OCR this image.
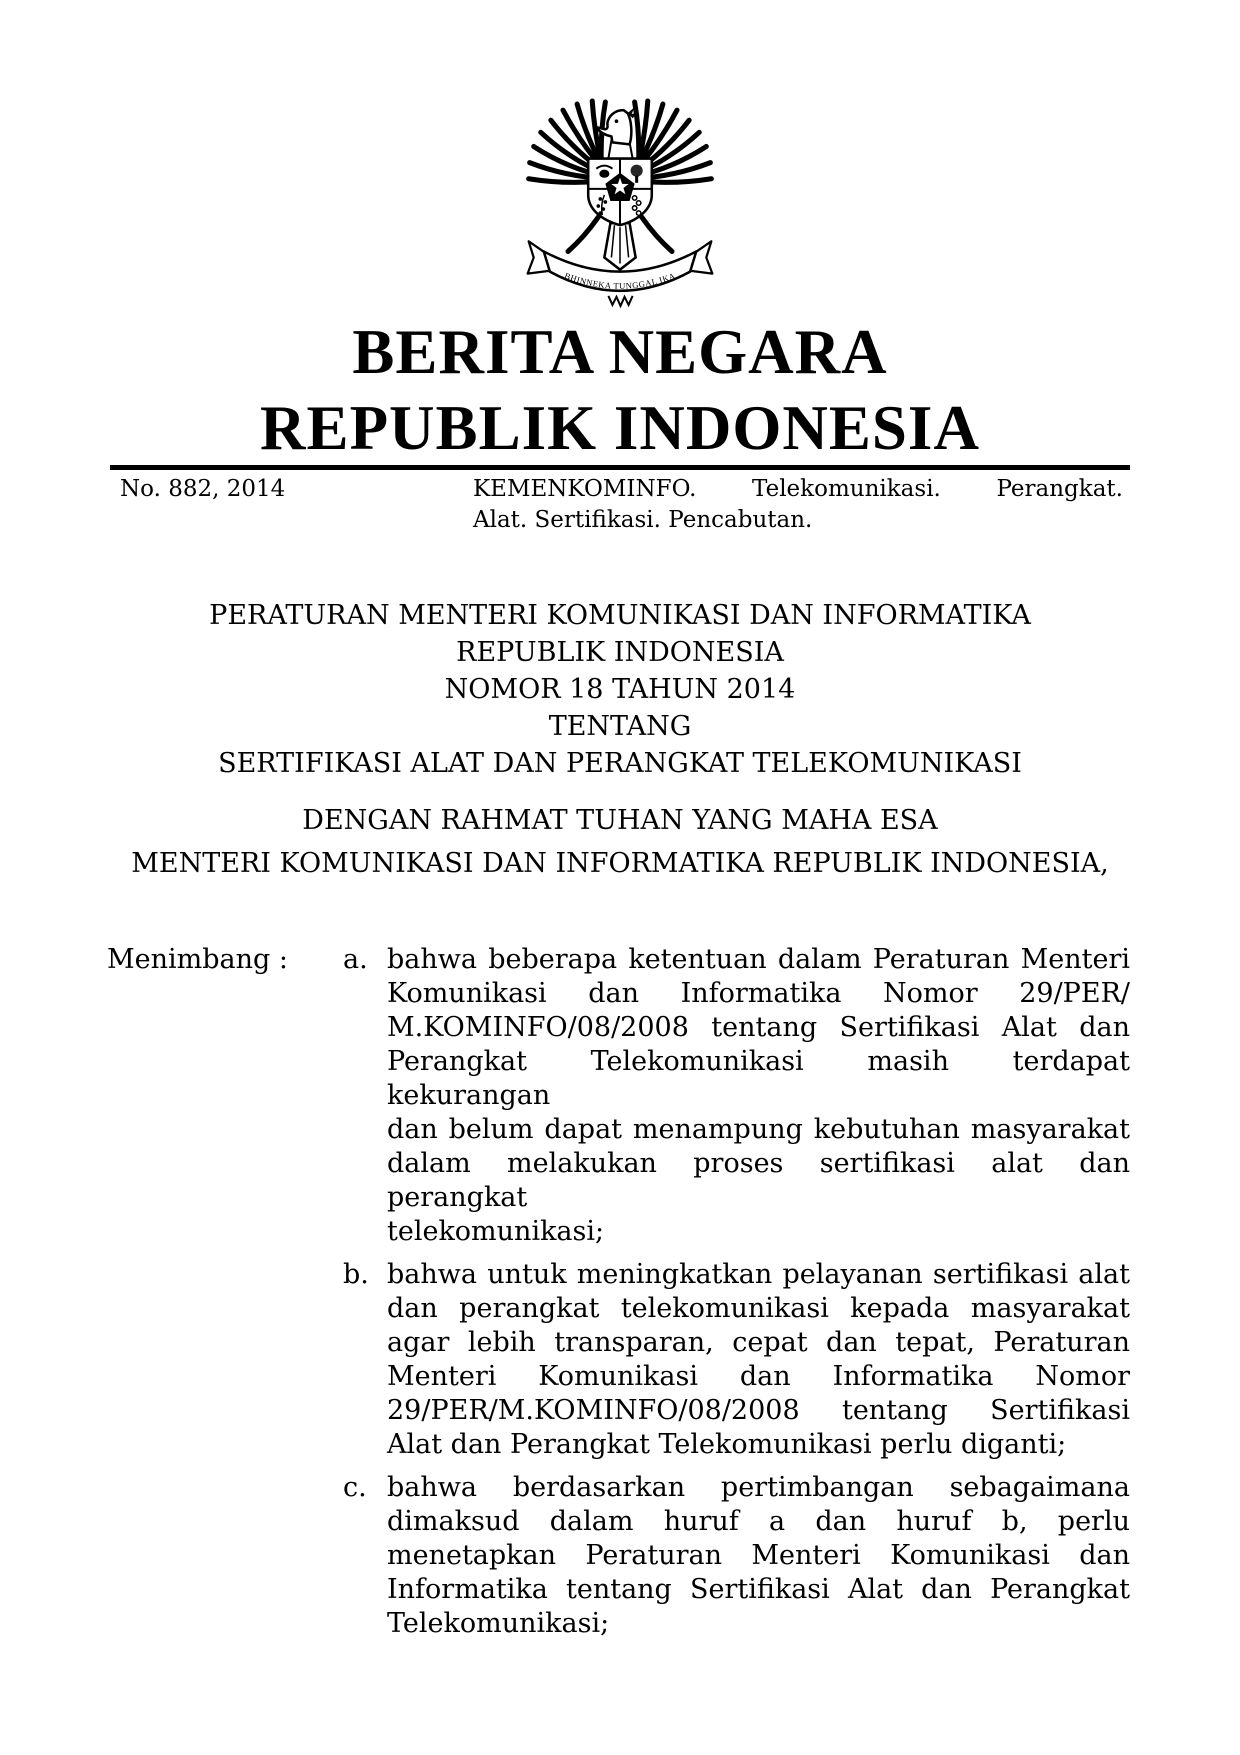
BHINNEKA TUNGGAL IKA
BERITA NEGARA
REPUBLIK INDONESIA
No. 882, 2014	KEMENKOMINFO. Telekomunikasi. Perangkat.
Alat. Sertifikasi. Pencabutan.
PERATURAN MENTERI KOMUNIKASI DAN INFORMATIKA
REPUBLIK INDONESIA
NOMOR 18 TAHUN 2014
TENTANG
SERTIFIKASI ALAT DAN PERANGKAT TELEKOMUNIKASI
DENGAN RAHMAT TUHAN YANG MAHA ESA
MENTERI KOMUNIKASI DAN INFORMATIKA REPUBLIK INDONESIA,
Menimbang :	a. bahwa beberapa ketentuan dalam Peraturan Menteri
Komunikasi dan Informatika Nomor 29/PER/
M.KOMINFO/08/2008 tentang Sertifikasi Alat dan
Perangkat Telekomunikasi masih terdapat kekurangan
dan belum dapat menampung kebutuhan masyarakat
dalam melakukan proses sertifikasi alat dan perangkat
telekomunikasi;
b. bahwa untuk meningkatkan pelayanan sertifikasi alat
dan perangkat telekomunikasi kepada masyarakat
agar lebih transparan, cepat dan tepat, Peraturan
Menteri Komunikasi dan Informatika Nomor
29/PER/M.KOMINFO/08/2008 tentang Sertifikasi
Alat dan Perangkat Telekomunikasi perlu diganti;
c. bahwa berdasarkan pertimbangan sebagaimana
dimaksud dalam huruf a dan huruf b, perlu
menetapkan Peraturan Menteri Komunikasi dan
Informatika tentang Sertifikasi Alat dan Perangkat
Telekomunikasi;
